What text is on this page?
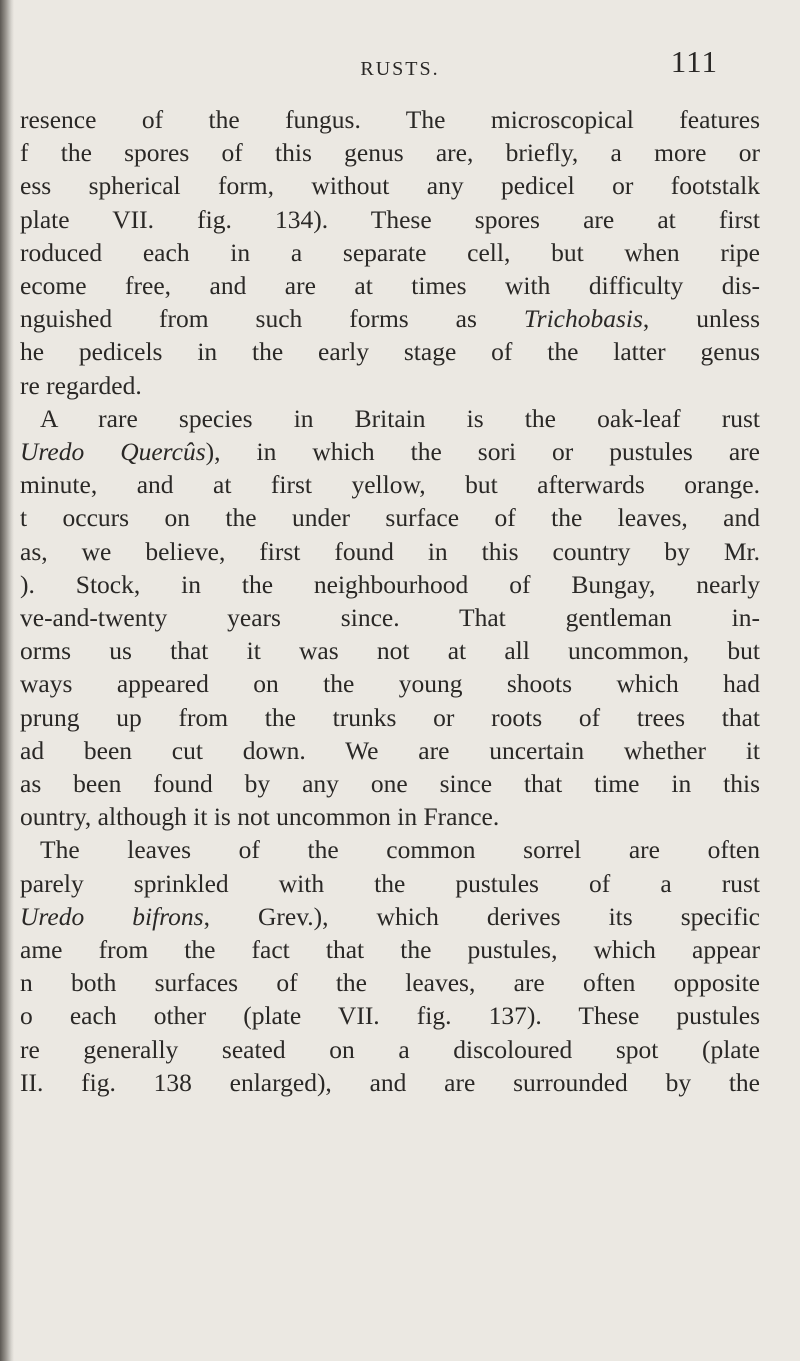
RUSTS.	111
resence of the fungus. The microscopical features
f the spores of this genus are, briefly, a more or
ess spherical form, without any pedicel or footstalk
plate VII. fig. 134). These spores are at first
roduced each in a separate cell, but when ripe
ecome free, and are at times with difficulty dis-
nguished from such forms as Trichobasis, unless
he pedicels in the early stage of the latter genus
re regarded.
A rare species in Britain is the oak-leaf rust
Uredo Quercûs), in which the sori or pustules are
minute, and at first yellow, but afterwards orange.
t occurs on the under surface of the leaves, and
as, we believe, first found in this country by Mr.
). Stock, in the neighbourhood of Bungay, nearly
ve-and-twenty years since. That gentleman in-
orms us that it was not at all uncommon, but
ways appeared on the young shoots which had
prung up from the trunks or roots of trees that
ad been cut down. We are uncertain whether it
as been found by any one since that time in this
ountry, although it is not uncommon in France.
The leaves of the common sorrel are often
parely sprinkled with the pustules of a rust
Uredo bifrons, Grev.), which derives its specific
ame from the fact that the pustules, which appear
n both surfaces of the leaves, are often opposite
o each other (plate VII. fig. 137). These pustules
re generally seated on a discoloured spot (plate
II. fig. 138 enlarged), and are surrounded by the
